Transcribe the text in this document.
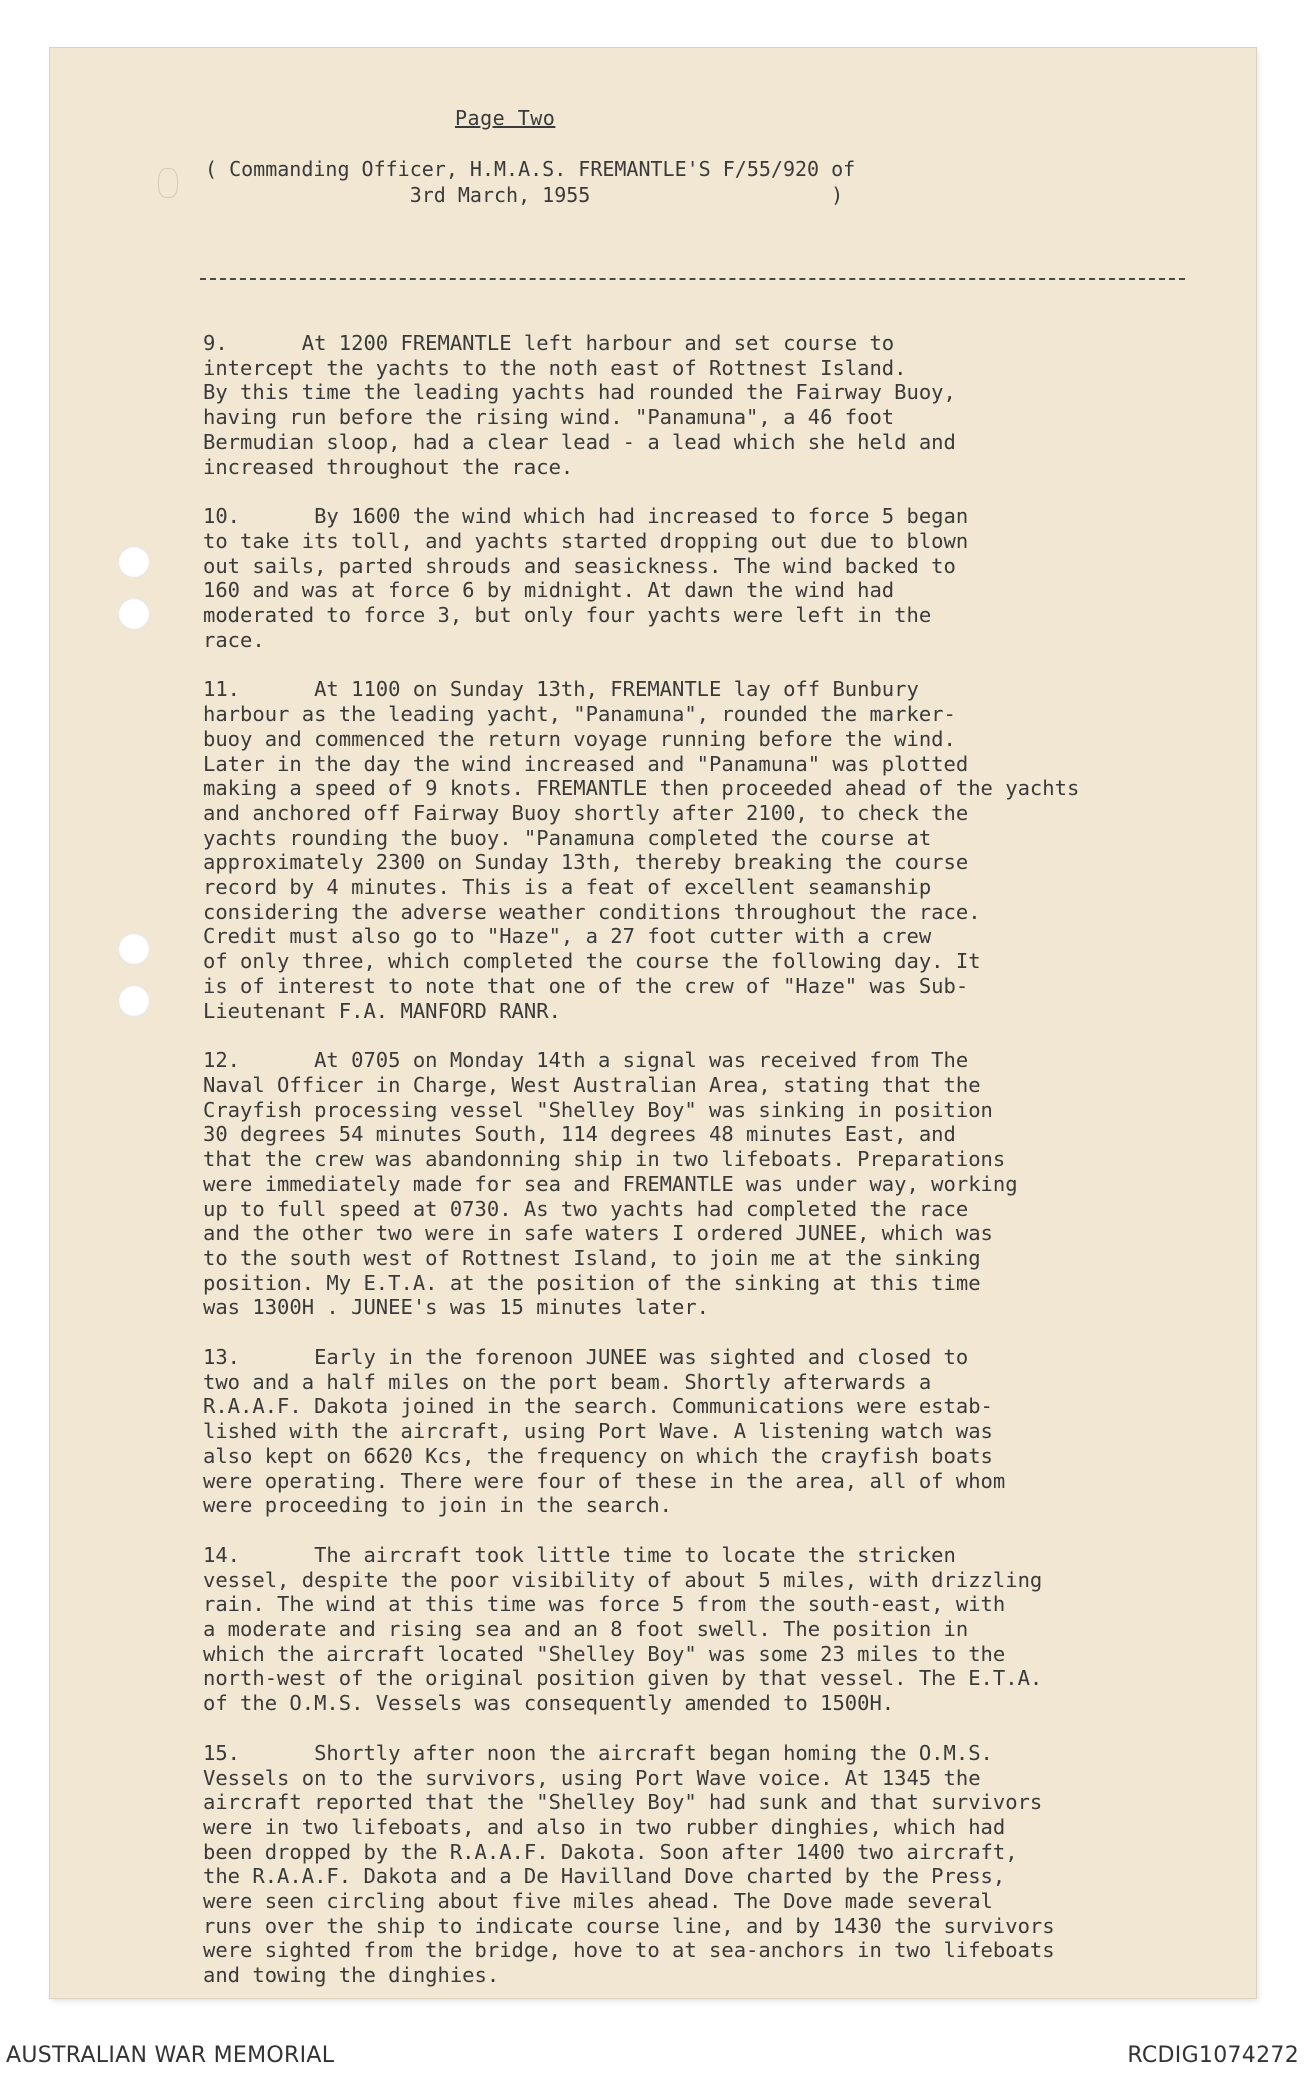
Page Two

( Commanding Officer, H.M.A.S. FREMANTLE'S F/55/920 of
3rd March, 1955                    )

9.      At 1200 FREMANTLE left harbour and set course to
intercept the yachts to the noth east of Rottnest Island.
By this time the leading yachts had rounded the Fairway Buoy,
having run before the rising wind. "Panamuna", a 46 foot
Bermudian sloop, had a clear lead - a lead which she held and
increased throughout the race.

10.      By 1600 the wind which had increased to force 5 began
to take its toll, and yachts started dropping out due to blown
out sails, parted shrouds and seasickness. The wind backed to
160 and was at force 6 by midnight. At dawn the wind had
moderated to force 3, but only four yachts were left in the
race.

11.      At 1100 on Sunday 13th, FREMANTLE lay off Bunbury
harbour as the leading yacht, "Panamuna", rounded the marker-
buoy and commenced the return voyage running before the wind.
Later in the day the wind increased and "Panamuna" was plotted
making a speed of 9 knots. FREMANTLE then proceeded ahead of the yachts
and anchored off Fairway Buoy shortly after 2100, to check the
yachts rounding the buoy. "Panamuna completed the course at
approximately 2300 on Sunday 13th, thereby breaking the course
record by 4 minutes. This is a feat of excellent seamanship
considering the adverse weather conditions throughout the race.
Credit must also go to "Haze", a 27 foot cutter with a crew
of only three, which completed the course the following day. It
is of interest to note that one of the crew of "Haze" was Sub-
Lieutenant F.A. MANFORD RANR.

12.      At 0705 on Monday 14th a signal was received from The
Naval Officer in Charge, West Australian Area, stating that the
Crayfish processing vessel "Shelley Boy" was sinking in position
30 degrees 54 minutes South, 114 degrees 48 minutes East, and
that the crew was abandonning ship in two lifeboats. Preparations
were immediately made for sea and FREMANTLE was under way, working
up to full speed at 0730. As two yachts had completed the race
and the other two were in safe waters I ordered JUNEE, which was
to the south west of Rottnest Island, to join me at the sinking
position. My E.T.A. at the position of the sinking at this time
was 1300H . JUNEE's was 15 minutes later.

13.      Early in the forenoon JUNEE was sighted and closed to
two and a half miles on the port beam. Shortly afterwards a
R.A.A.F. Dakota joined in the search. Communications were estab-
lished with the aircraft, using Port Wave. A listening watch was
also kept on 6620 Kcs, the frequency on which the crayfish boats
were operating. There were four of these in the area, all of whom
were proceeding to join in the search.

14.      The aircraft took little time to locate the stricken
vessel, despite the poor visibility of about 5 miles, with drizzling
rain. The wind at this time was force 5 from the south-east, with
a moderate and rising sea and an 8 foot swell. The position in
which the aircraft located "Shelley Boy" was some 23 miles to the
north-west of the original position given by that vessel. The E.T.A.
of the O.M.S. Vessels was consequently amended to 1500H.

15.      Shortly after noon the aircraft began homing the O.M.S.
Vessels on to the survivors, using Port Wave voice. At 1345 the
aircraft reported that the "Shelley Boy" had sunk and that survivors
were in two lifeboats, and also in two rubber dinghies, which had
been dropped by the R.A.A.F. Dakota. Soon after 1400 two aircraft,
the R.A.A.F. Dakota and a De Havilland Dove charted by the Press,
were seen circling about five miles ahead. The Dove made several
runs over the ship to indicate course line, and by 1430 the survivors
were sighted from the bridge, hove to at sea-anchors in two lifeboats
and towing the dinghies.

AUSTRALIAN WAR MEMORIAL	RCDIG1074272
